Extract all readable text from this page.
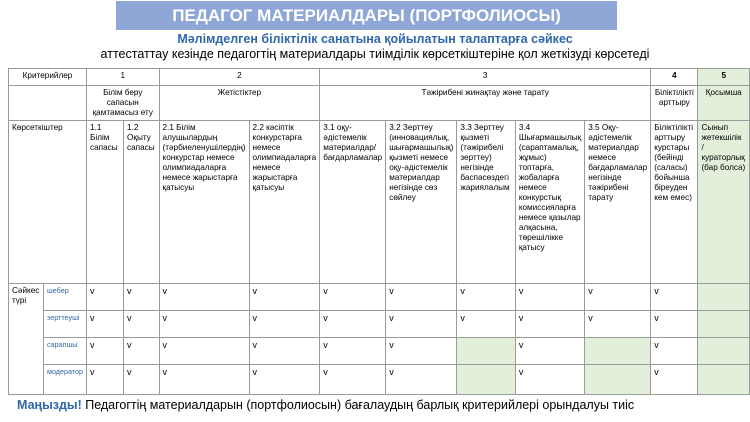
ПЕДАГОГ МАТЕРИАЛДАРЫ (ПОРТФОЛИОСЫ)
Мәлімделген біліктілік санатына қойылатын талаптарға сәйкес
аттестаттау кезінде педагогтің материалдары тиімділік көрсеткіштеріне қол жеткізуді көрсетеді
Критерийлер		1		2		3					4	5
		Білім беру сапасын қамтамасыз ету		Жетістіктер		Тәжірибені жинақтау және тарату					Біліктілікті арттыру	Қосымша
Көрсеткіштер		1.1 Білім сапасы	1.2 Оқыту сапасы	2.1 Білім алушылардың (тәрбиеленушілердің) конкурстар немесе олимпиадаларға немесе жарыстарға қатысуы	2.2 кәсіптік конкурстарға немесе олимпиадаларға немесе жарыстарға қатысуы	3.1 оқу-әдістемелік материалдар/бағдарламалар	3.2 Зерттеу (инновациялық, шығармашылық) қызметі немесе оқу-әдістемелік материалдар негізінде сөз сөйлеу	3.3 Зерттеу қызметі (тәжірибелі зерттеу) негізінде баспасөздегі жариялалым	3.4 Шығармашылық (сараптамалық, жұмыс) топтарға, жобаларға немесе конкурстық комиссияларға немесе қазылар алқасына, төрешілікке қатысу	3.5 Оқу-әдістемелік материалдар немесе бағдарламалар негізінде тәжірибені тарату	Біліктілікті арттыру курстары (бейінді (саласы) бойынша біреуден кем емес)	Сынып жетекшілік / кураторлық (бар болса)
Сәйкес түрі	шебер	v	v	v	v	v	v	v	v	v	v	
	зерттеуші	v	v	v	v	v	v	v	v	v	v	
	сарапшы	v	v	v	v	v	v		v		v	
	модератор	v	v	v	v	v	v		v		v	
Маңызды! Педагогтің материалдарын (портфолиосын) бағалаудың барлық критерийлері орындалуы тиіс
